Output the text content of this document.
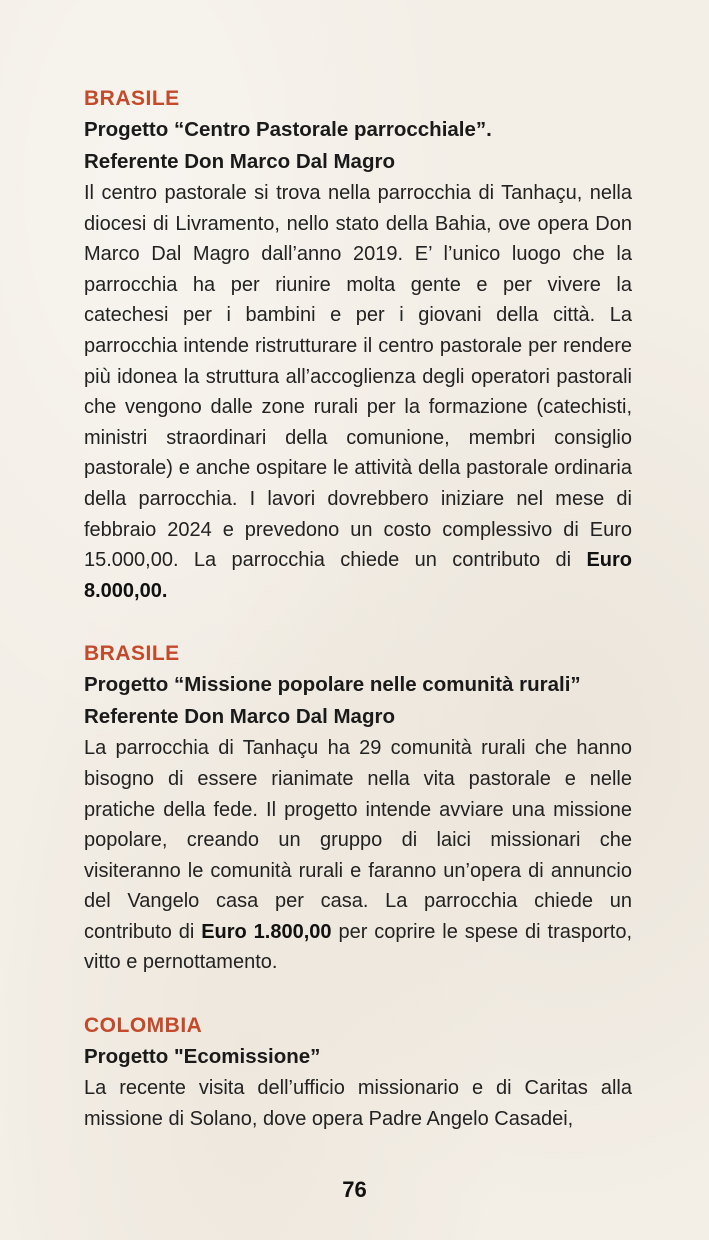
BRASILE

Progetto “Centro Pastorale parrocchiale”.

Referente Don Marco Dal Magro

Il centro pastorale si trova nella parrocchia di Tanhaçu, nella diocesi di Livramento, nello stato della Bahia, ove opera Don Marco Dal Magro dall’anno 2019. E’ l’unico luogo che la parrocchia ha per riunire molta gente e per vivere la catechesi per i bambini e per i giovani della città. La parrocchia intende ristrutturare il centro pastorale per rendere più idonea la struttura all’accoglienza degli operatori pastorali che vengono dalle zone rurali per la formazione (catechisti, ministri straordinari della comunione, membri consiglio pastorale) e anche ospitare le attività della pastorale ordinaria della parrocchia. I lavori dovrebbero iniziare nel mese di febbraio 2024 e prevedono un costo complessivo di Euro 15.000,00. La parrocchia chiede un contributo di Euro 8.000,00.

BRASILE

Progetto “Missione popolare nelle comunità rurali”

Referente Don Marco Dal Magro

La parrocchia di Tanhaçu ha 29 comunità rurali che hanno bisogno di essere rianimate nella vita pastorale e nelle pratiche della fede. Il progetto intende avviare una missione popolare, creando un gruppo di laici missionari che visiteranno le comunità rurali e faranno un’opera di annuncio del Vangelo casa per casa. La parrocchia chiede un contributo di Euro 1.800,00 per coprire le spese di trasporto, vitto e pernottamento.

COLOMBIA

Progetto "Ecomissione”

La recente visita dell’ufficio missionario e di Caritas alla missione di Solano, dove opera Padre Angelo Casadei,

76
